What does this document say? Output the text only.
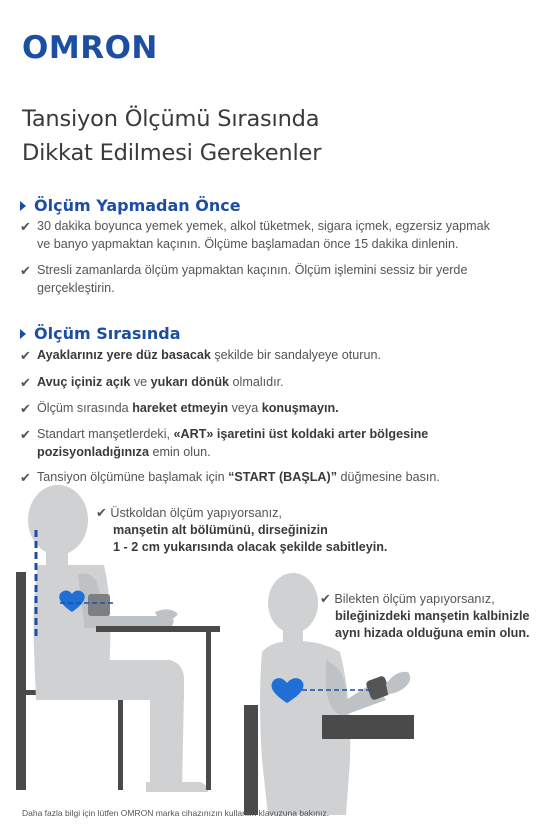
OMRON
Tansiyon Ölçümü Sırasında
Dikkat Edilmesi Gerekenler
Ölçüm Yapmadan Önce
✔ 30 dakika boyunca yemek yemek, alkol tüketmek, sigara içmek, egzersiz yapmak
ve banyo yapmaktan kaçının. Ölçüme başlamadan önce 15 dakika dinlenin.
✔ Stresli zamanlarda ölçüm yapmaktan kaçının. Ölçüm işlemini sessiz bir yerde
gerçekleştirin.
Ölçüm Sırasında
✔ Ayaklarınız yere düz basacak şekilde bir sandalyeye oturun.
✔ Avuç içiniz açık ve yukarı dönük olmalıdır.
✔ Ölçüm sırasında hareket etmeyin veya konuşmayın.
✔ Standart manşetlerdeki, «ART» işaretini üst koldaki arter bölgesine
pozisyonladığınıza emin olun.
✔ Tansiyon ölçümüne başlamak için “START (BAŞLA)” düğmesine basın.
✔ Üstkoldan ölçüm yapıyorsanız,
manşetin alt bölümünü, dirseğinizin
1 - 2 cm yukarısında olacak şekilde sabitleyin.
✔ Bilekten ölçüm yapıyorsanız,
bileğinizdeki manşetin kalbinizle
aynı hizada olduğuna emin olun.
Daha fazla bilgi için lütfen OMRON marka cihazınızın kullanım klavuzuna bakınız.
